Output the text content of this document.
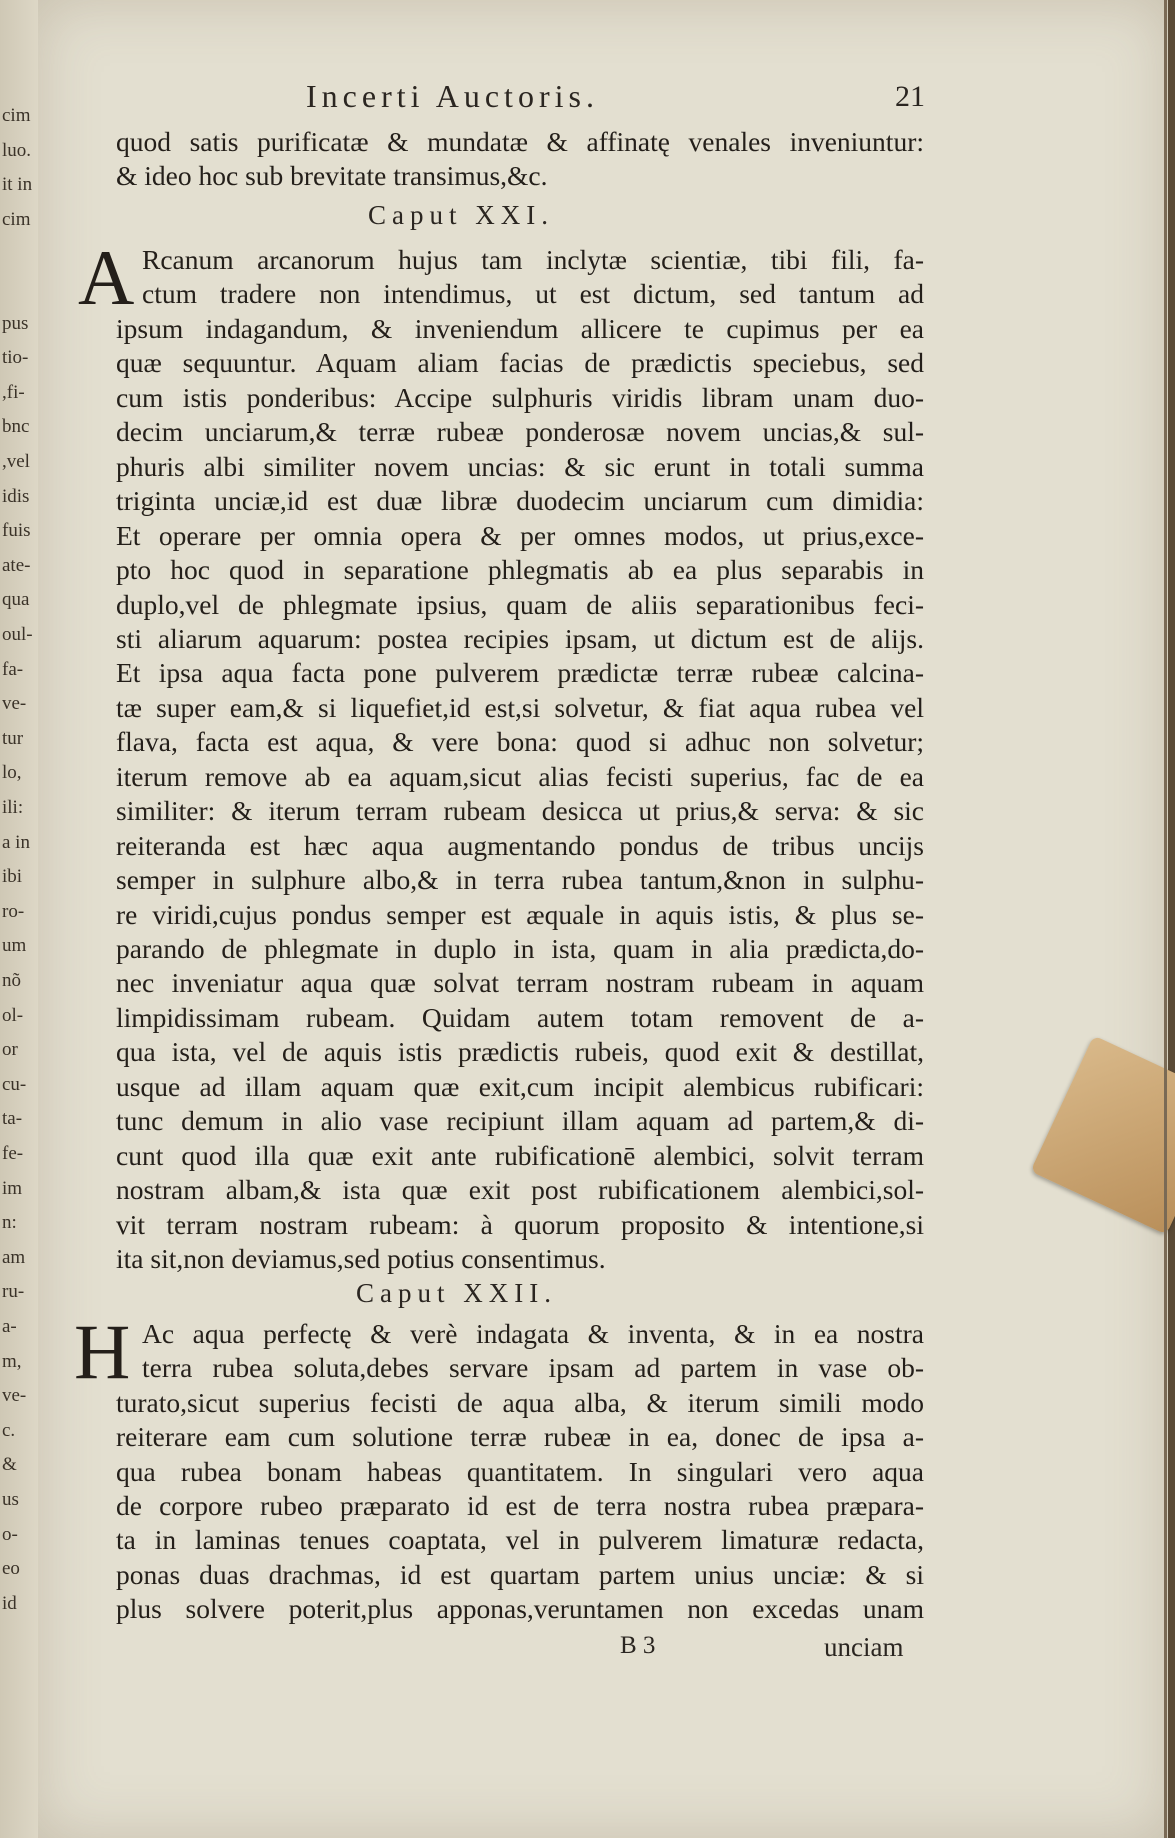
cim
luo.
it in
cim
pus
tio-
,fi-
bnc
,vel
idis
fuis
ate-
qua
oul-
fa-
ve-
tur
lo,
ili:
a in
ibi
ro-
um
nõ
ol-
or
cu-
ta-
fe-
im
n:
am
ru-
a-
m,
ve-
c.
&
us
o-
eo
id
Incerti Auctoris.	21
quod satis purificatæ & mundatæ & affinatę venales inveniuntur:
& ideo hoc sub brevitate transimus,&c.
Caput XXI.
A
Caput XXII.
H
B 3	unciam
Rcanum arcanorum hujus tam inclytæ scientiæ, tibi fili, fa-
ctum tradere non intendimus, ut est dictum, sed tantum ad
ipsum indagandum, & inveniendum allicere te cupimus per ea
quæ sequuntur. Aquam aliam facias de prædictis speciebus, sed
cum istis ponderibus: Accipe sulphuris viridis libram unam duo-
decim unciarum,& terræ rubeæ ponderosæ novem uncias,& sul-
phuris albi similiter novem uncias: & sic erunt in totali summa
triginta unciæ,id est duæ libræ duodecim unciarum cum dimidia:
Et operare per omnia opera & per omnes modos, ut prius,exce-
pto hoc quod in separatione phlegmatis ab ea plus separabis in
duplo,vel de phlegmate ipsius, quam de aliis separationibus feci-
sti aliarum aquarum: postea recipies ipsam, ut dictum est de alijs.
Et ipsa aqua facta pone pulverem prædictæ terræ rubeæ calcina-
tæ super eam,& si liquefiet,id est,si solvetur, & fiat aqua rubea vel
flava, facta est aqua, & vere bona: quod si adhuc non solvetur;
iterum remove ab ea aquam,sicut alias fecisti superius, fac de ea
similiter: & iterum terram rubeam desicca ut prius,& serva: & sic
reiteranda est hæc aqua augmentando pondus de tribus uncijs
semper in sulphure albo,& in terra rubea tantum,&non in sulphu-
re viridi,cujus pondus semper est æquale in aquis istis, & plus se-
parando de phlegmate in duplo in ista, quam in alia prædicta,do-
nec inveniatur aqua quæ solvat terram nostram rubeam in aquam
limpidissimam rubeam. Quidam autem totam removent de a-
qua ista, vel de aquis istis prædictis rubeis, quod exit & destillat,
usque ad illam aquam quæ exit,cum incipit alembicus rubificari:
tunc demum in alio vase recipiunt illam aquam ad partem,& di-
cunt quod illa quæ exit ante rubificationē alembici, solvit terram
nostram albam,& ista quæ exit post rubificationem alembici,sol-
vit terram nostram rubeam: à quorum proposito & intentione,si
ita sit,non deviamus,sed potius consentimus.
Ac aqua perfectę & verè indagata & inventa, & in ea nostra
terra rubea soluta,debes servare ipsam ad partem in vase ob-
turato,sicut superius fecisti de aqua alba, & iterum simili modo
reiterare eam cum solutione terræ rubeæ in ea, donec de ipsa a-
qua rubea bonam habeas quantitatem. In singulari vero aqua
de corpore rubeo præparato id est de terra nostra rubea præpara-
ta in laminas tenues coaptata, vel in pulverem limaturæ redacta,
ponas duas drachmas, id est quartam partem unius unciæ: & si
plus solvere poterit,plus apponas,veruntamen non excedas unam
